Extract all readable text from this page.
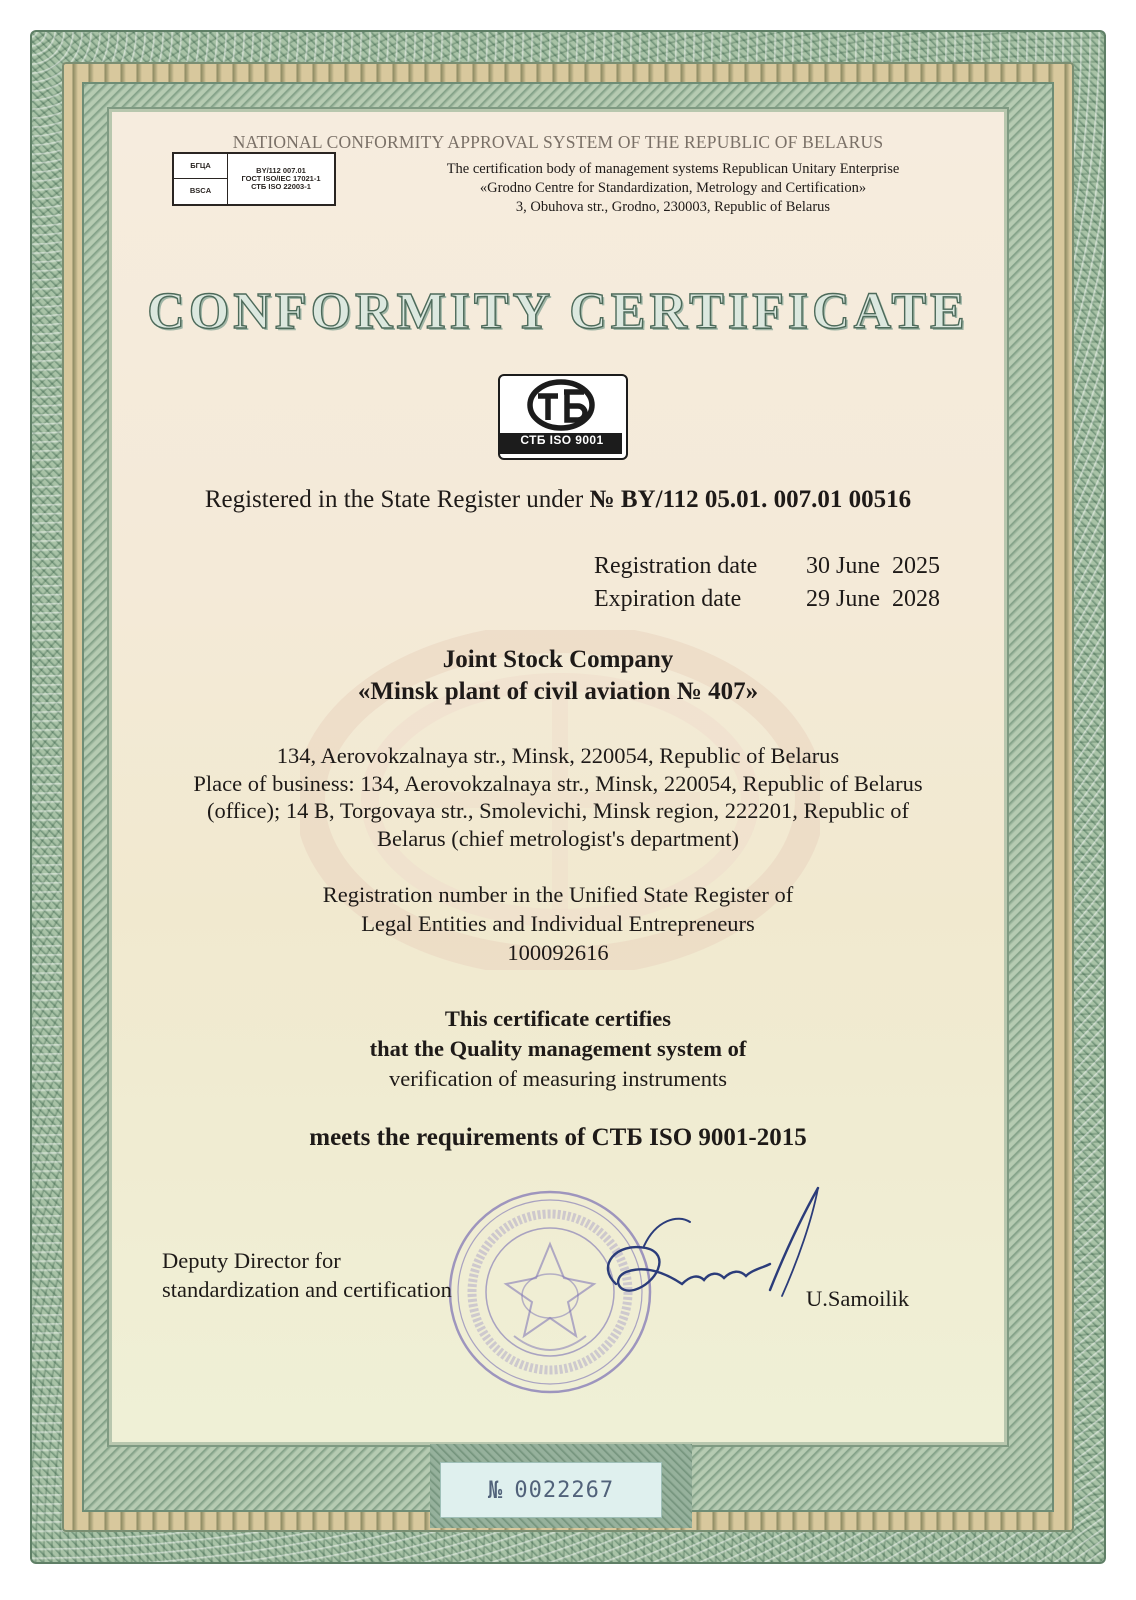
NATIONAL CONFORMITY APPROVAL SYSTEM OF THE REPUBLIC OF BELARUS
БГЦА
BY/112 007.01
ГОСТ ISO/IEC 17021-1
СТБ ISO 22003-1
BSCA
The certification body of management systems Republican Unitary Enterprise
«Grodno Centre for Standardization, Metrology and Certification»
3, Obuhova str., Grodno, 230003, Republic of Belarus
CONFORMITY CERTIFICATE
СТБ ISO 9001
Registered in the State Register under № BY/112 05.01. 007.01 00516
Registration date	30 June  2025
Expiration date	29 June  2028
Joint Stock Company
«Minsk plant of civil aviation № 407»
134, Aerovokzalnaya str., Minsk, 220054, Republic of Belarus
Place of business: 134, Aerovokzalnaya str., Minsk, 220054, Republic of Belarus
(office); 14 B, Torgovaya str., Smolevichi, Minsk region, 222201, Republic of
Belarus (chief metrologist's department)
Registration number in the Unified State Register of
Legal Entities and Individual Entrepreneurs
100092616
This certificate certifies
that the Quality management system of
verification of measuring instruments
meets the requirements of СТБ ISO 9001-2015
Deputy Director for
standardization and certification	U.Samoilik
№ 0022267
